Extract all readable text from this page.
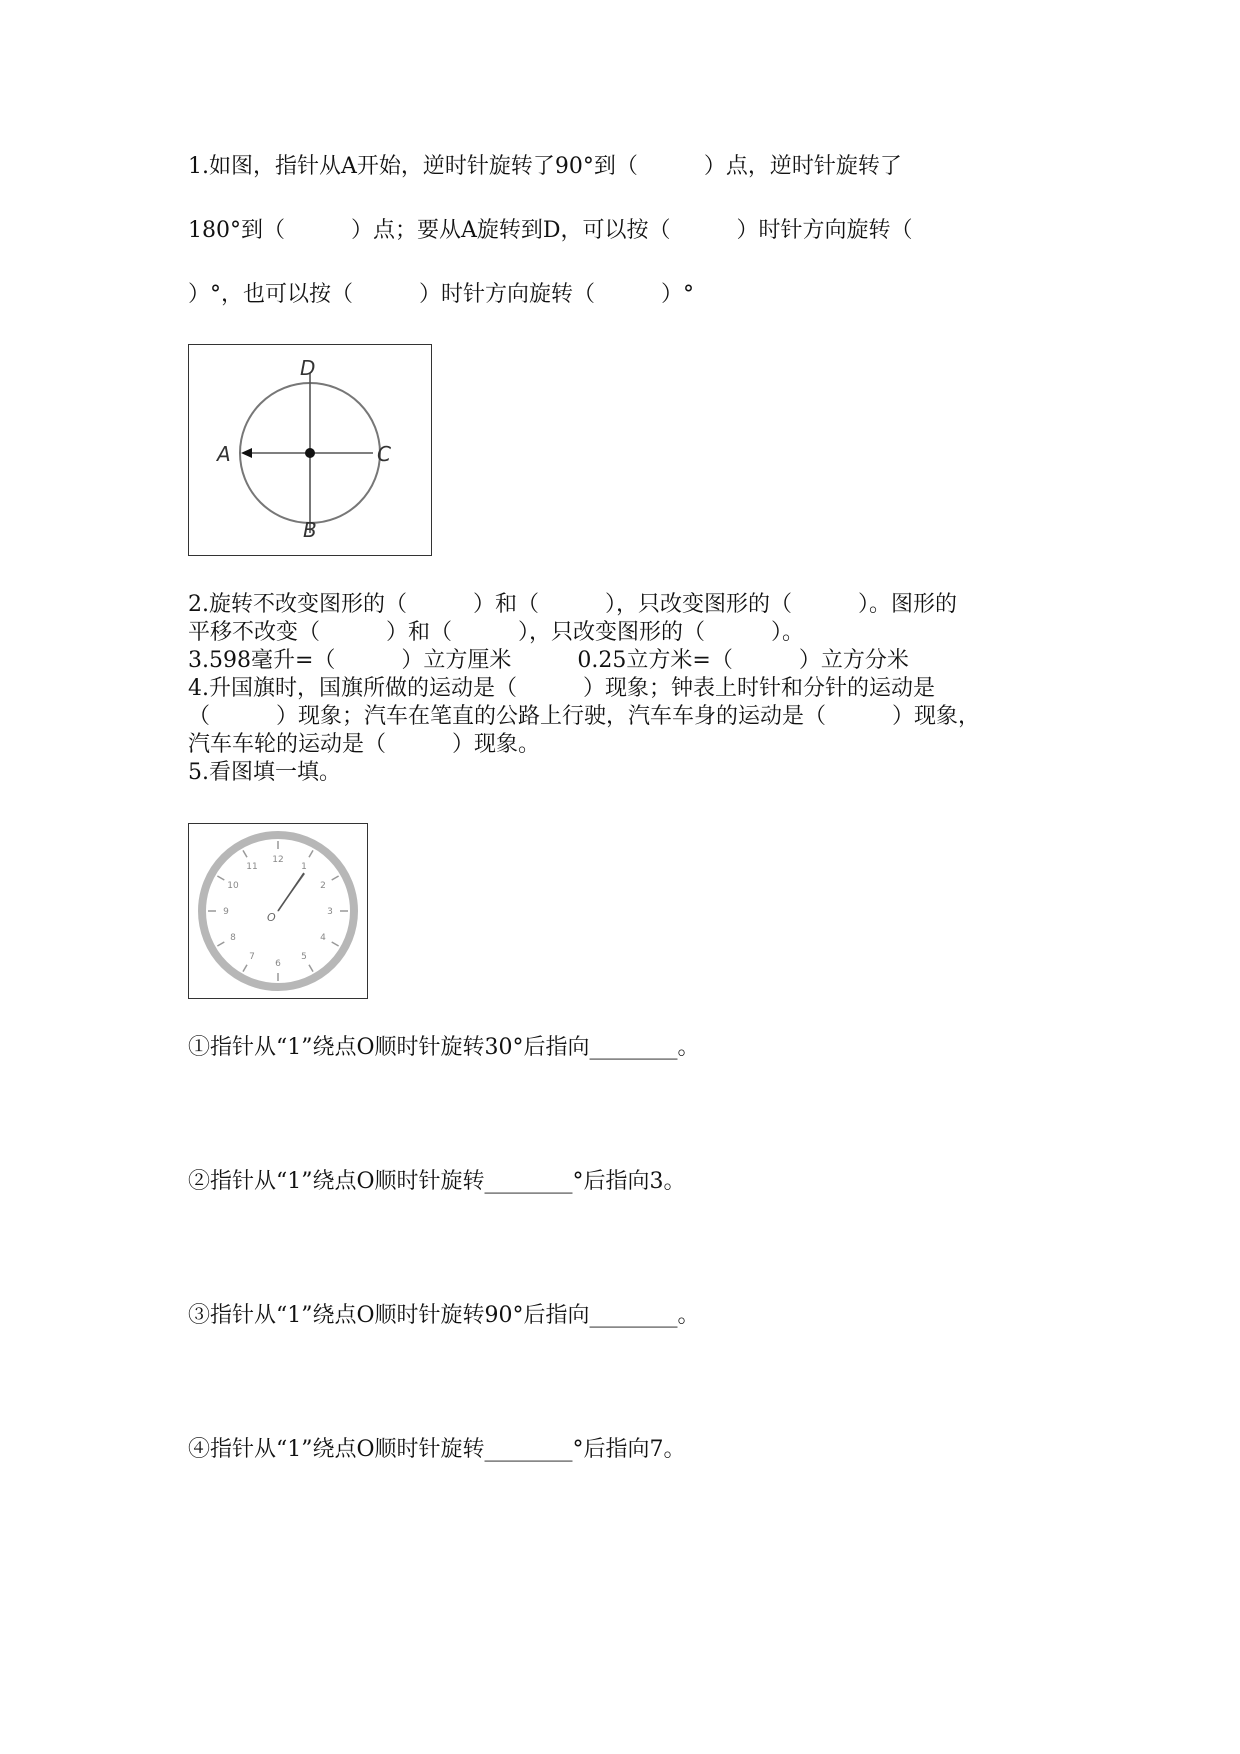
1.如图，指针从A开始，逆时针旋转了90°到（　　　）点，逆时针旋转了
180°到（　　　）点；要从A旋转到D，可以按（　　　）时针方向旋转（
）°，也可以按（　　　）时针方向旋转（　　　）°
A	C
D
B
2.旋转不改变图形的（　　　）和（　　　），只改变图形的（　　　）。图形的
平移不改变（　　　）和（　　　），只改变图形的（　　　）。
3.598毫升=（　　　）立方厘米　　　0.25立方米=（　　　）立方分米
4.升国旗时，国旗所做的运动是（　　　）现象；钟表上时针和分针的运动是
（　　　）现象；汽车在笔直的公路上行驶，汽车车身的运动是（　　　）现象，
汽车车轮的运动是（　　　）现象。
5.看图填一填。
12
1
2
3
4
5
6
7
8
9
10
11
O
①指针从“1”绕点O顺时针旋转30°后指向________。
②指针从“1”绕点O顺时针旋转________°后指向3。
③指针从“1”绕点O顺时针旋转90°后指向________。
④指针从“1”绕点O顺时针旋转________°后指向7。
